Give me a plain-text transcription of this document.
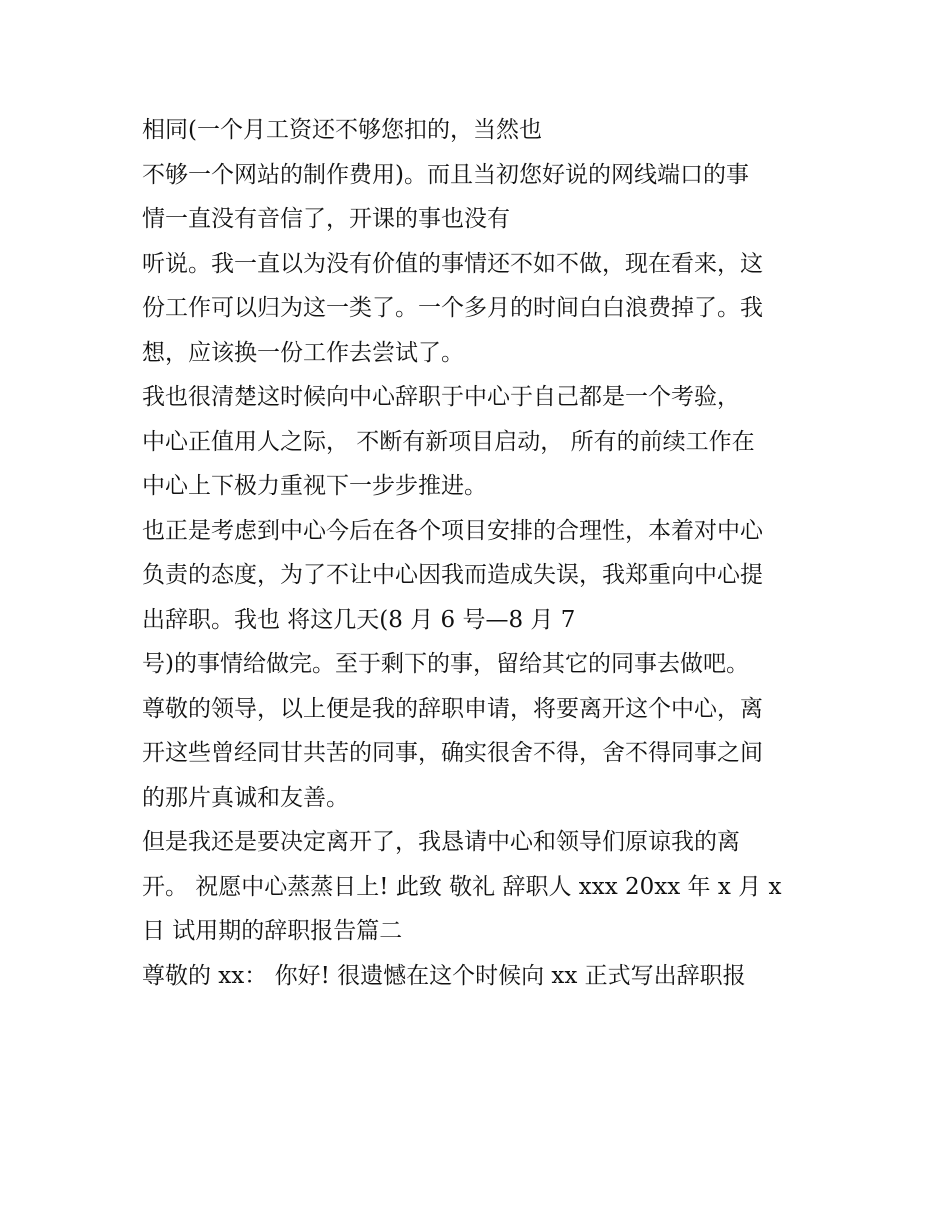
相同(一个月工资还不够您扣的，当然也
不够一个网站的制作费用)。而且当初您好说的网线端口的事
情一直没有音信了，开课的事也没有
听说。我一直以为没有价值的事情还不如不做，现在看来，这
份工作可以归为这一类了。一个多月的时间白白浪费掉了。我
想，应该换一份工作去尝试了。
我也很清楚这时候向中心辞职于中心于自己都是一个考验，
中心正值用人之际， 不断有新项目启动， 所有的前续工作在
中心上下极力重视下一步步推进。
也正是考虑到中心今后在各个项目安排的合理性，本着对中心
负责的态度，为了不让中心因我而造成失误，我郑重向中心提
出辞职。我也 将这几天(8 月 6 号—8 月 7
号)的事情给做完。至于剩下的事，留给其它的同事去做吧。
尊敬的领导，以上便是我的辞职申请，将要离开这个中心，离
开这些曾经同甘共苦的同事，确实很舍不得，舍不得同事之间
的那片真诚和友善。
但是我还是要决定离开了，我恳请中心和领导们原谅我的离
开。 祝愿中心蒸蒸日上! 此致 敬礼 辞职人 xxx 20xx 年 x 月 x
日 试用期的辞职报告篇二
尊敬的 xx： 你好! 很遗憾在这个时候向 xx 正式写出辞职报
